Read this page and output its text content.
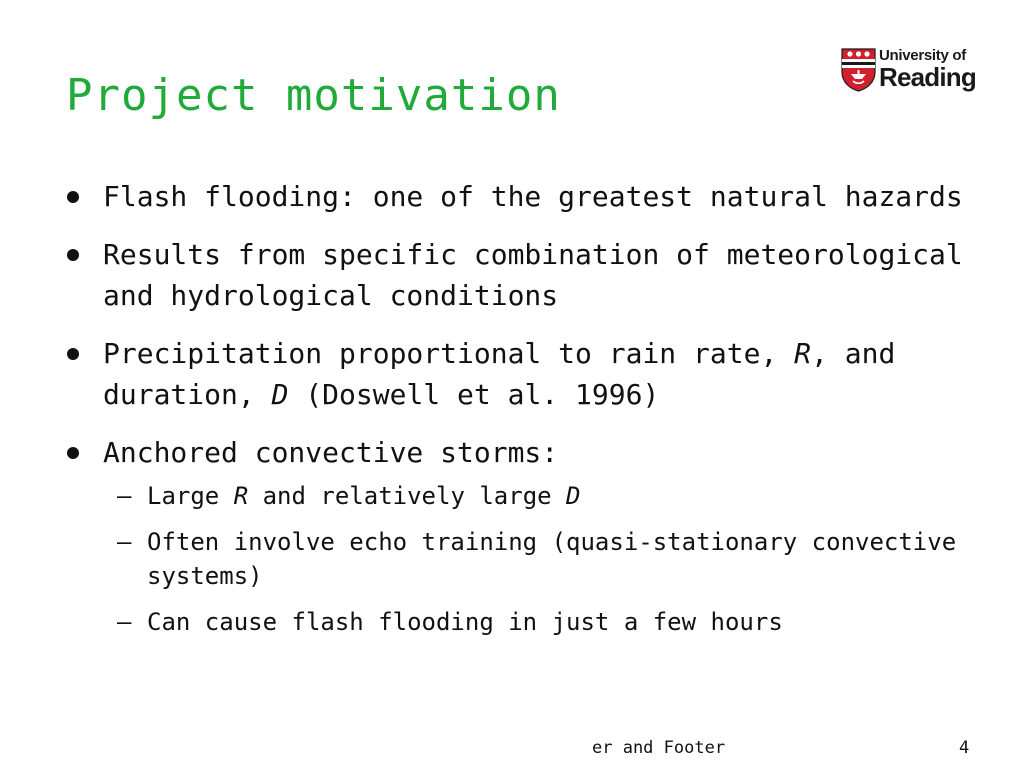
Project motivation
University of
Reading
Flash flooding: one of the greatest natural hazards
Results from specific combination of meteorological and hydrological conditions
Precipitation proportional to rain rate, R, and duration, D (Doswell et al. 1996)
Anchored convective storms:
– Large R and relatively large D
– Often involve echo training (quasi-stationary convective systems)
– Can cause flash flooding in just a few hours
er and Footer	4
